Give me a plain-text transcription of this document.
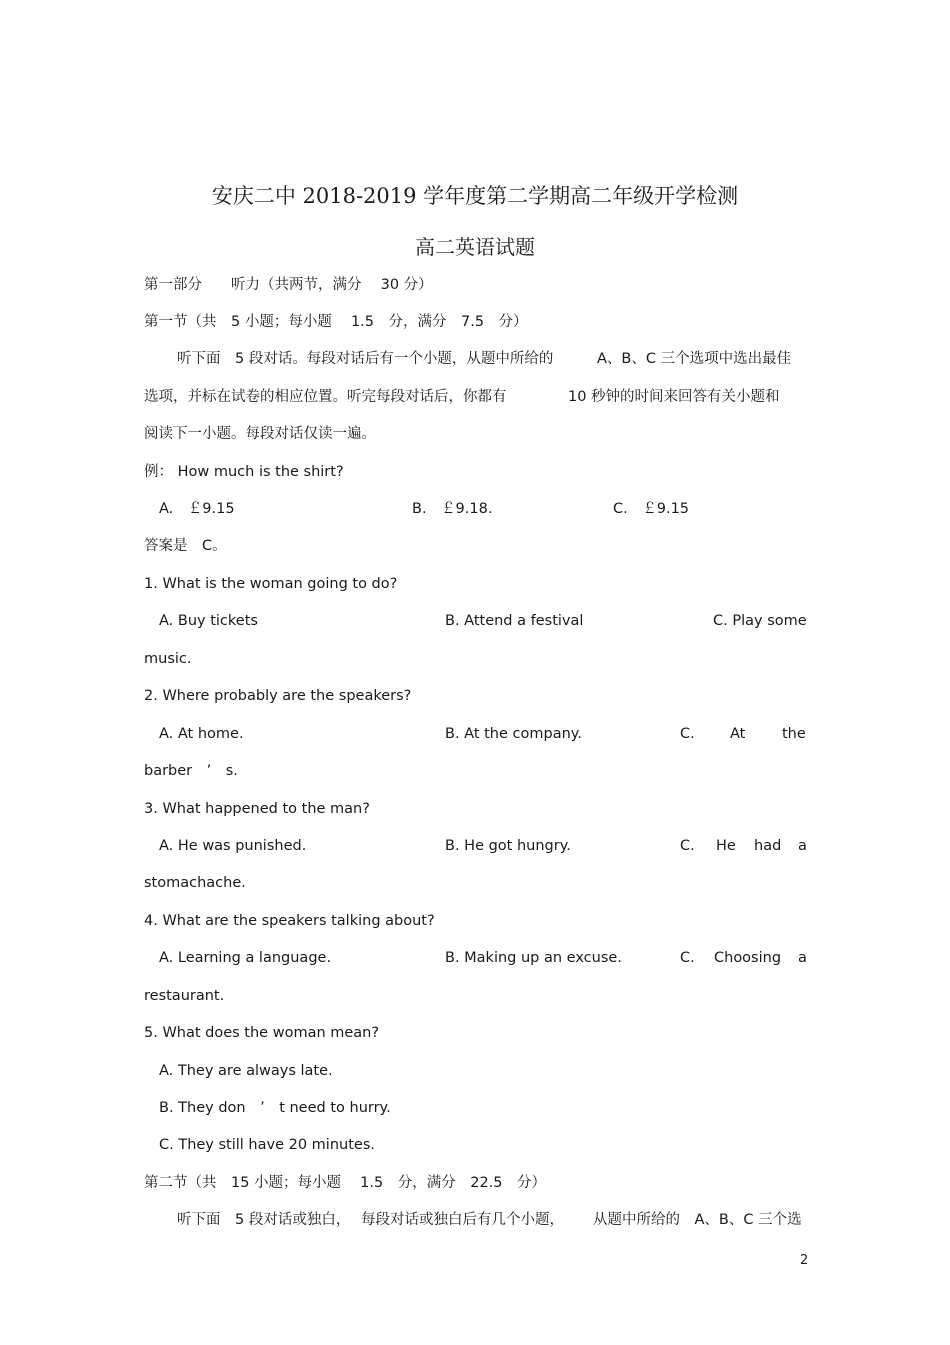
安庆二中 2018-2019 学年度第二学期高二年级开学检测
高二英语试题
第一部分　　听力（共两节，满分　 30 分）
第一节（共　5 小题；每小题　 1.5　分，满分　7.5　分）
听下面　5 段对话。每段对话后有一个小题，从题中所给的	A、B、C 三个选项中选出最佳
选项，并标在试卷的相应位置。听完每段对话后，你都有	10 秒钟的时间来回答有关小题和
阅读下一小题。每段对话仅读一遍。
例： How much is the shirt?
A.　￡9.15	B.　￡9.18.	C.　￡9.15
答案是　C。
1. What is the woman going to do?
A. Buy tickets	B. Attend a festival	C. Play some
music.
2. Where probably are the speakers?
A. At home.	B. At the company.	C. At	the
barber　’　s.
3. What happened to the man?
A. He was punished.	B. He got hungry.	C. He had a
stomachache.
4. What are the speakers talking about?
A. Learning a language.	B. Making up an excuse.	C. Choosing a
restaurant.
5. What does the woman mean?
A. They are always late.
B. They don　’　t need to hurry.
C. They still have 20 minutes.
第二节（共　15 小题；每小题　 1.5　分，满分　22.5　分）
听下面　5 段对话或独白， 每段对话或独白后有几个小题， 从题中所给的　A、B、C 三个选
2
